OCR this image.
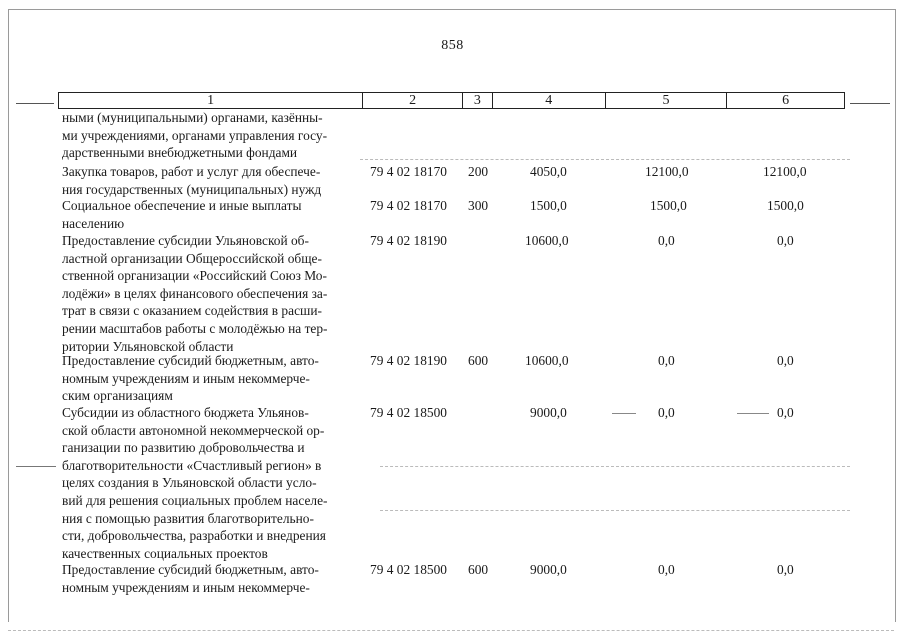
858
1	2	3	4	5	6
ными (муниципальными) органами, казённы-
ми учреждениями, органами управления госу-
дарственными внебюджетными фондами
Закупка товаров, работ и услуг для обеспече-
ния государственных (муниципальных) нужд
79 4 02 18170 200	4050,0	12100,0	12100,0
Социальное обеспечение и иные выплаты
населению
79 4 02 18170 300	1500,0	1500,0	1500,0
Предоставление субсидии Ульяновской об-
ластной организации Общероссийской обще-
ственной организации «Российский Союз Мо-
лодёжи» в целях финансового обеспечения за-
трат в связи с оказанием содействия в расши-
рении масштабов работы с молодёжью на тер-
ритории Ульяновской области
79 4 02 18190	10600,0	0,0	0,0
Предоставление субсидий бюджетным, авто-
номным учреждениям и иным некоммерче-
ским организациям
79 4 02 18190 600	10600,0	0,0	0,0
Субсидии из областного бюджета Ульянов-
ской области автономной некоммерческой ор-
ганизации по развитию добровольчества и
благотворительности «Счастливый регион» в
целях создания в Ульяновской области усло-
вий для решения социальных проблем населе-
ния с помощью развития благотворительно-
сти, добровольчества, разработки и внедрения
качественных социальных проектов
79 4 02 18500	9000,0	0,0	0,0
Предоставление субсидий бюджетным, авто-
номным учреждениям и иным некоммерче-
79 4 02 18500 600	9000,0	0,0	0,0
